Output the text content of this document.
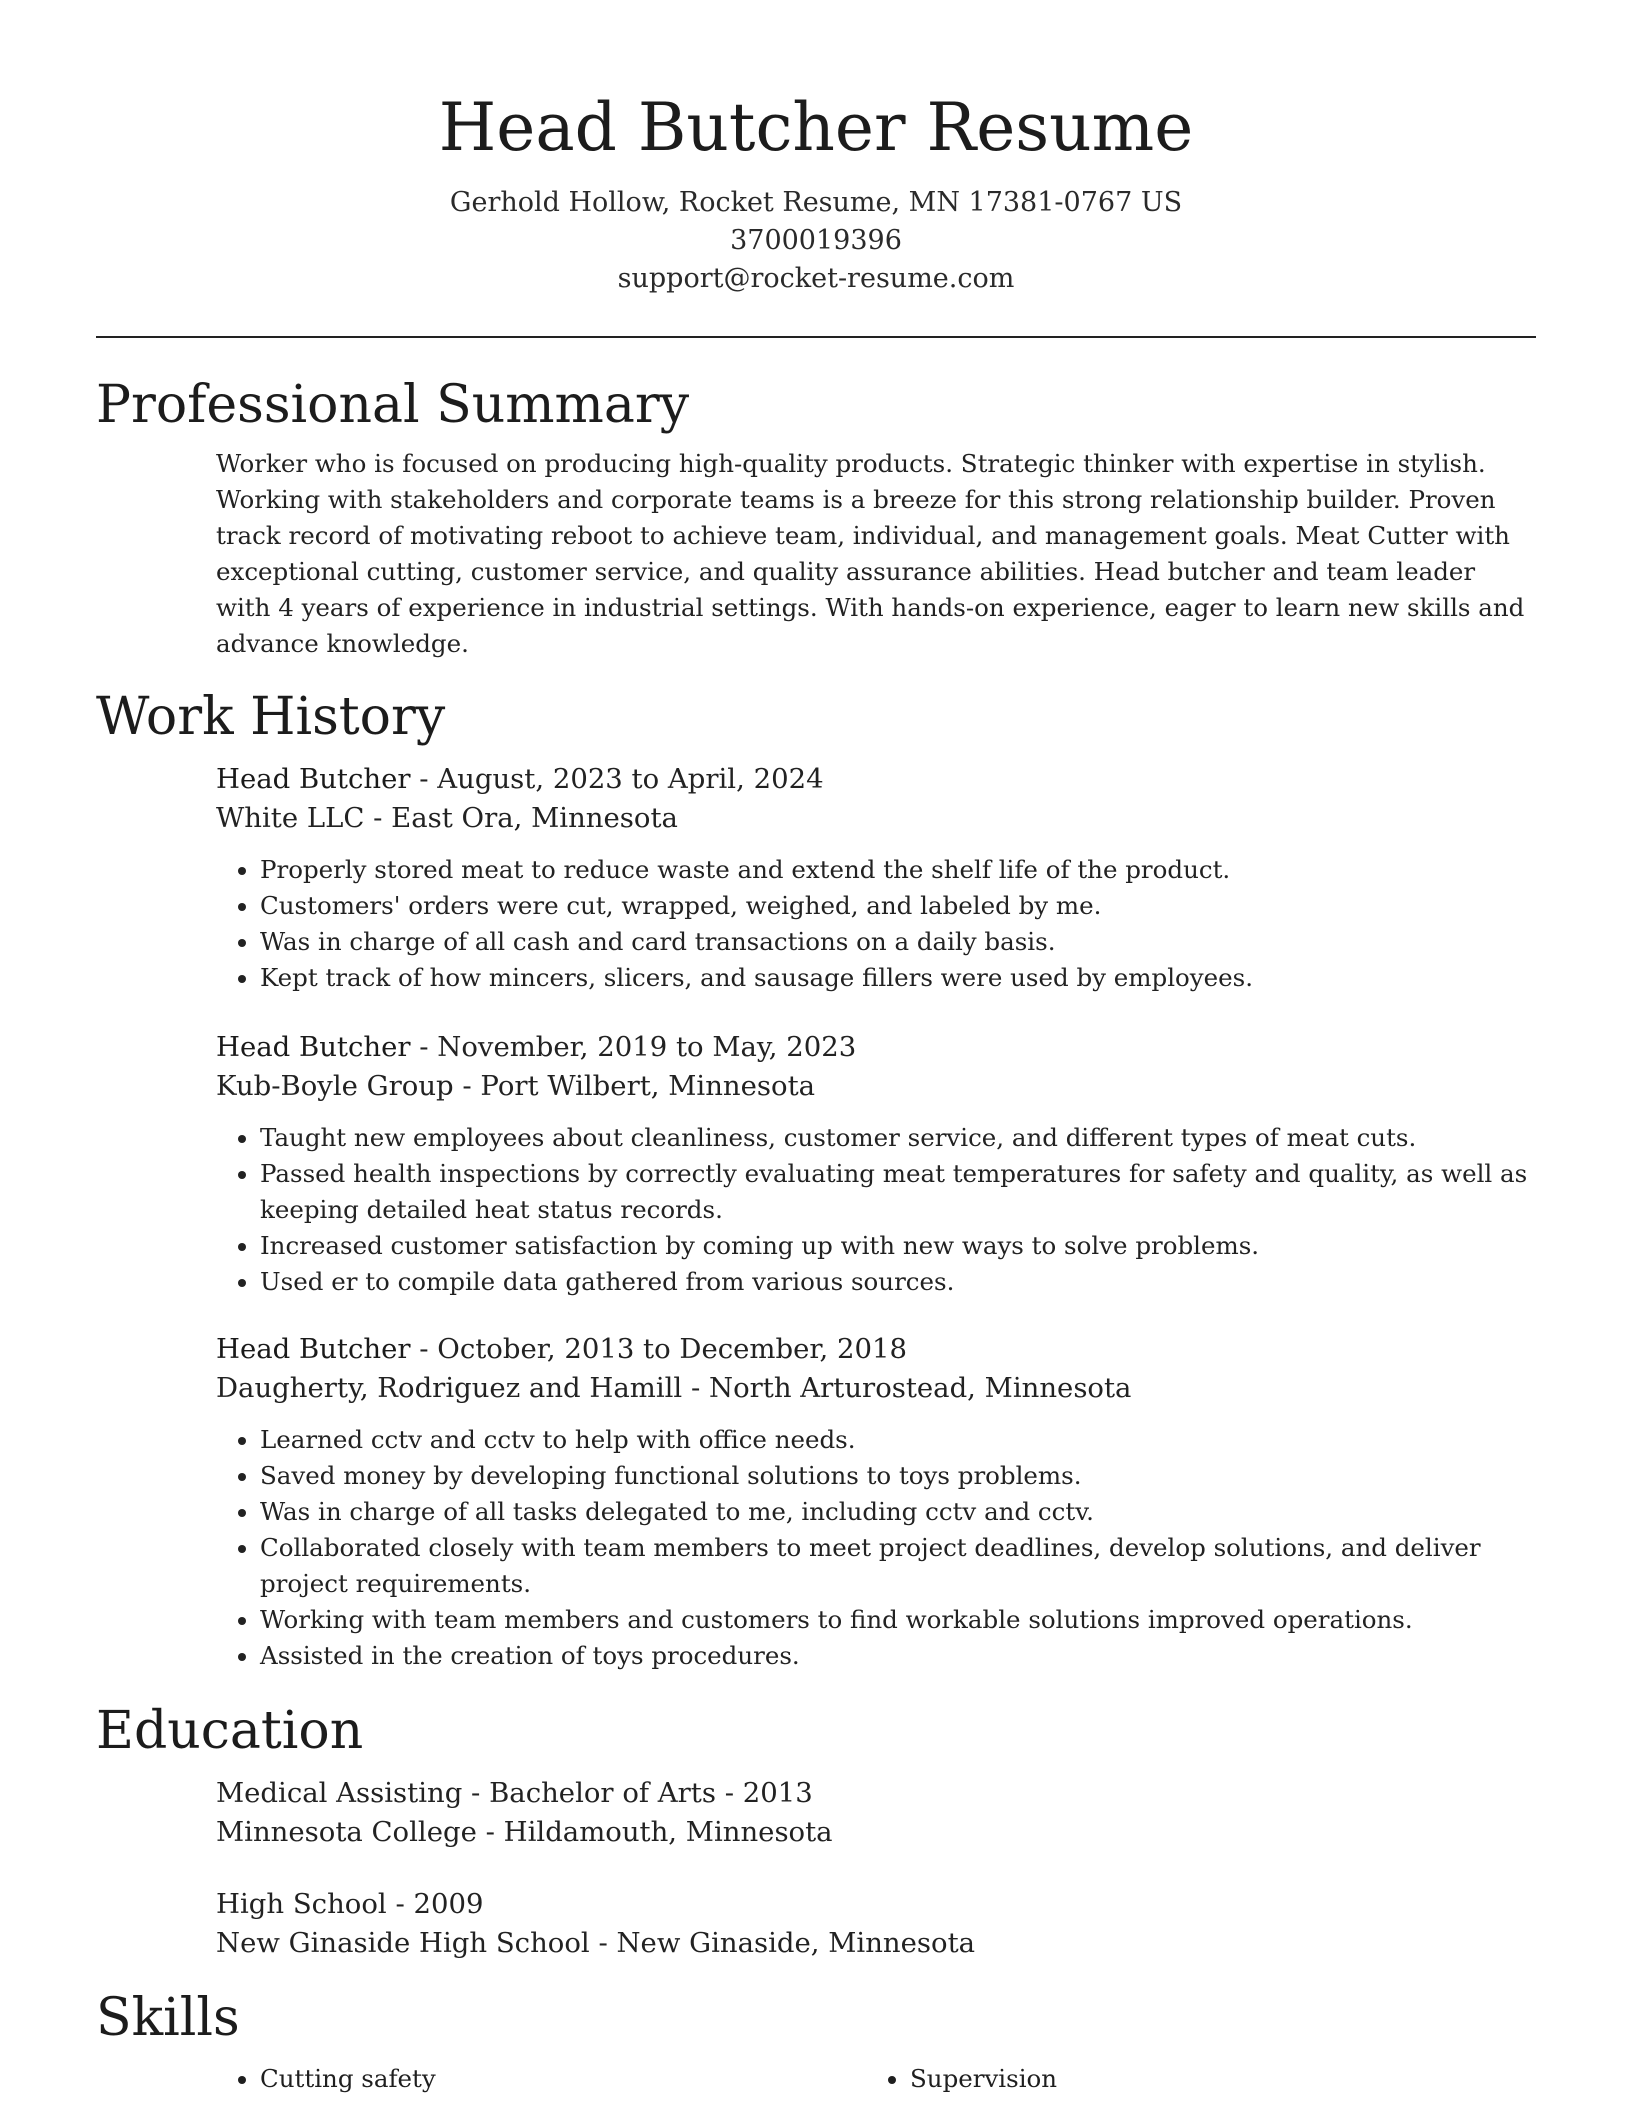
Head Butcher Resume
Gerhold Hollow, Rocket Resume, MN 17381-0767 US
3700019396
support@rocket-resume.com
Professional Summary

Worker who is focused on producing high-quality products. Strategic thinker with expertise in stylish. Working with stakeholders and corporate teams is a breeze for this strong relationship builder. Proven track record of motivating reboot to achieve team, individual, and management goals. Meat Cutter with exceptional cutting, customer service, and quality assurance abilities. Head butcher and team leader with 4 years of experience in industrial settings. With hands-on experience, eager to learn new skills and advance knowledge.

Work History
Head Butcher - August, 2023 to April, 2024
White LLC - East Ora, Minnesota
• Properly stored meat to reduce waste and extend the shelf life of the product.
• Customers' orders were cut, wrapped, weighed, and labeled by me.
• Was in charge of all cash and card transactions on a daily basis.
• Kept track of how mincers, slicers, and sausage fillers were used by employees.
Head Butcher - November, 2019 to May, 2023
Kub-Boyle Group - Port Wilbert, Minnesota
• Taught new employees about cleanliness, customer service, and different types of meat cuts.
• Passed health inspections by correctly evaluating meat temperatures for safety and quality, as well as keeping detailed heat status records.
• Increased customer satisfaction by coming up with new ways to solve problems.
• Used er to compile data gathered from various sources.
Head Butcher - October, 2013 to December, 2018
Daugherty, Rodriguez and Hamill - North Arturostead, Minnesota
• Learned cctv and cctv to help with office needs.
• Saved money by developing functional solutions to toys problems.
• Was in charge of all tasks delegated to me, including cctv and cctv.
• Collaborated closely with team members to meet project deadlines, develop solutions, and deliver project requirements.
• Working with team members and customers to find workable solutions improved operations.
• Assisted in the creation of toys procedures.
Education
Medical Assisting - Bachelor of Arts - 2013
Minnesota College - Hildamouth, Minnesota
High School - 2009
New Ginaside High School - New Ginaside, Minnesota
Skills
• Cutting safety
•	Supervision
